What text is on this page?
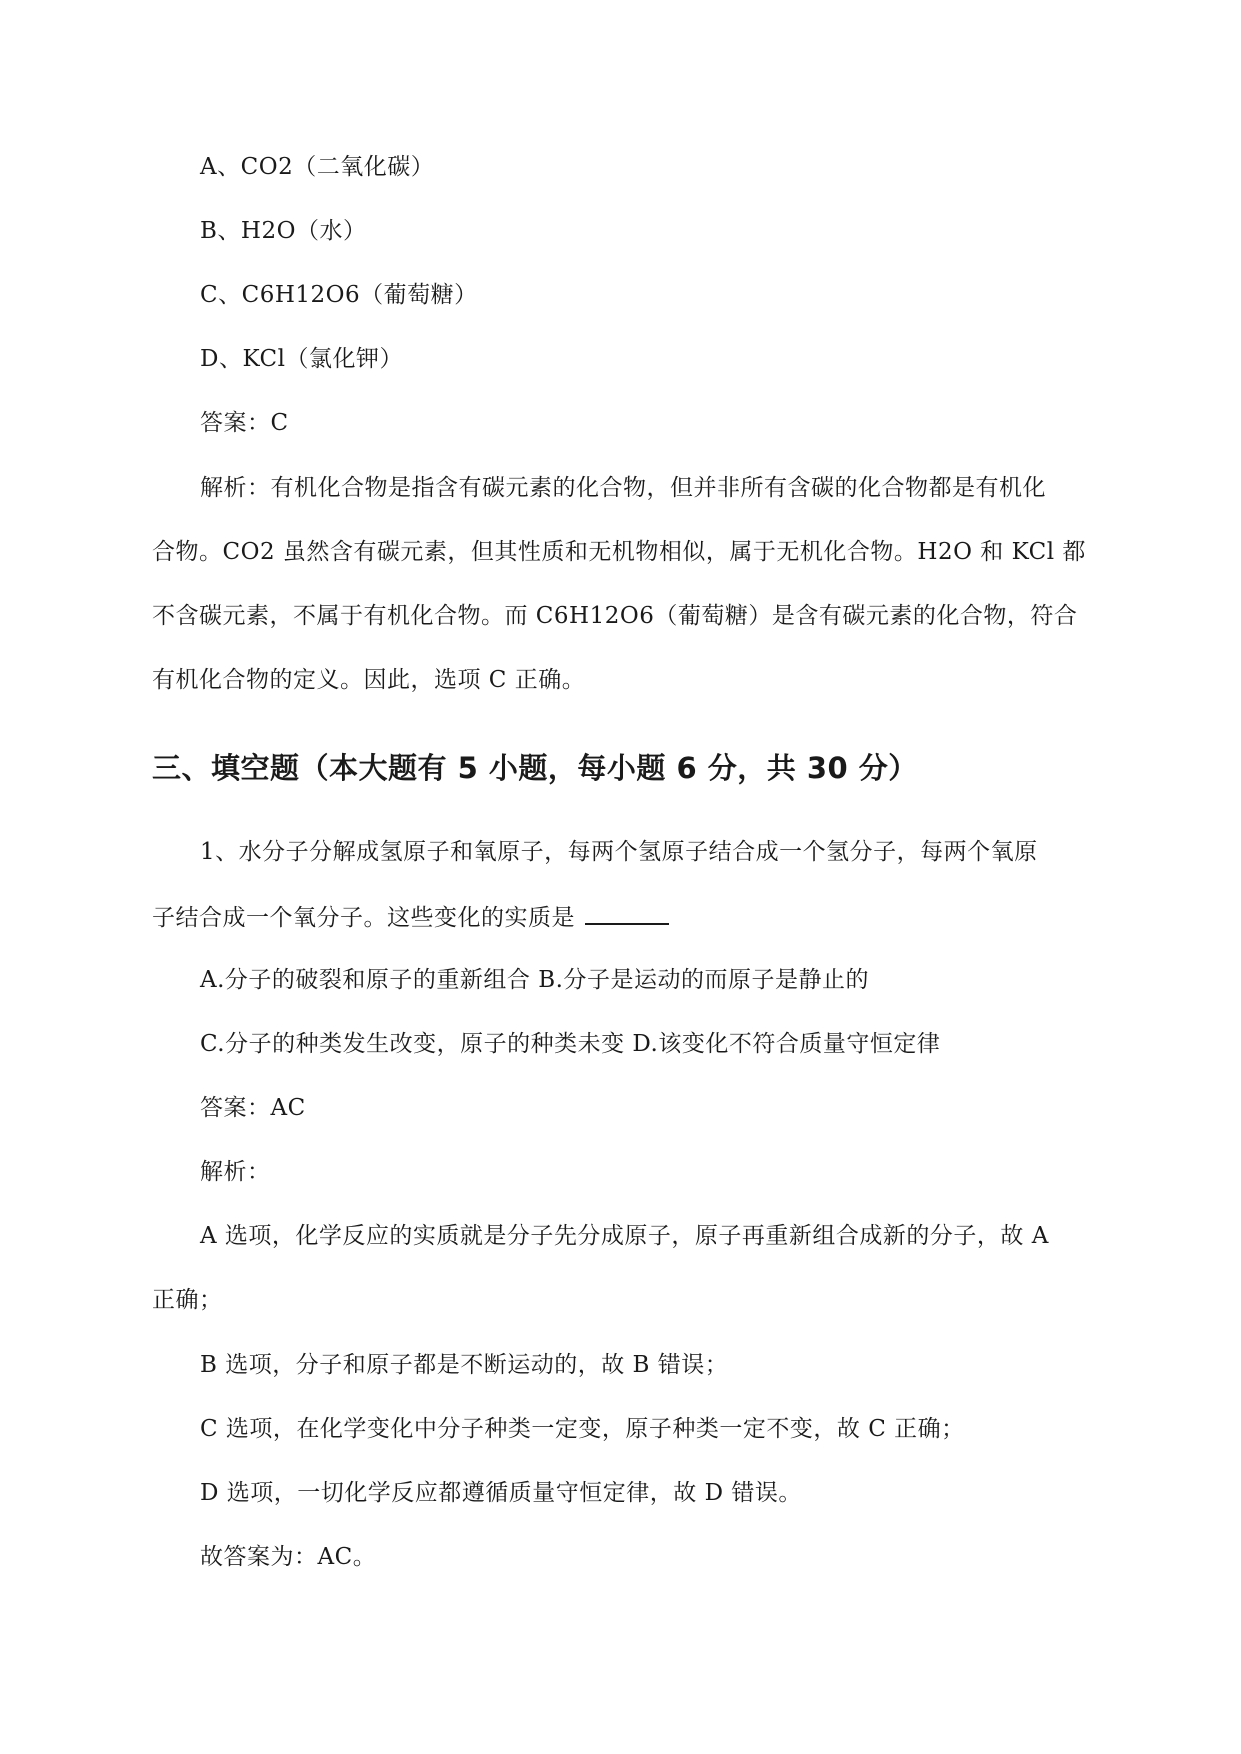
A、CO2（二氧化碳）
B、H2O（水）
C、C6H12O6（葡萄糖）
D、KCl（氯化钾）
答案：C
解析：有机化合物是指含有碳元素的化合物，但并非所有含碳的化合物都是有机化
合物。CO2 虽然含有碳元素，但其性质和无机物相似，属于无机化合物。H2O 和 KCl 都
不含碳元素，不属于有机化合物。而 C6H12O6（葡萄糖）是含有碳元素的化合物，符合
有机化合物的定义。因此，选项 C 正确。
三、填空题（本大题有 5 小题，每小题 6 分，共 30 分）
1、水分子分解成氢原子和氧原子，每两个氢原子结合成一个氢分子，每两个氧原
子结合成一个氧分子。这些变化的实质是
A.分子的破裂和原子的重新组合 B.分子是运动的而原子是静止的
C.分子的种类发生改变，原子的种类未变 D.该变化不符合质量守恒定律
答案：AC
解析：
A 选项，化学反应的实质就是分子先分成原子，原子再重新组合成新的分子，故 A
正确；
B 选项，分子和原子都是不断运动的，故 B 错误；
C 选项，在化学变化中分子种类一定变，原子种类一定不变，故 C 正确；
D 选项，一切化学反应都遵循质量守恒定律，故 D 错误。
故答案为：AC。
